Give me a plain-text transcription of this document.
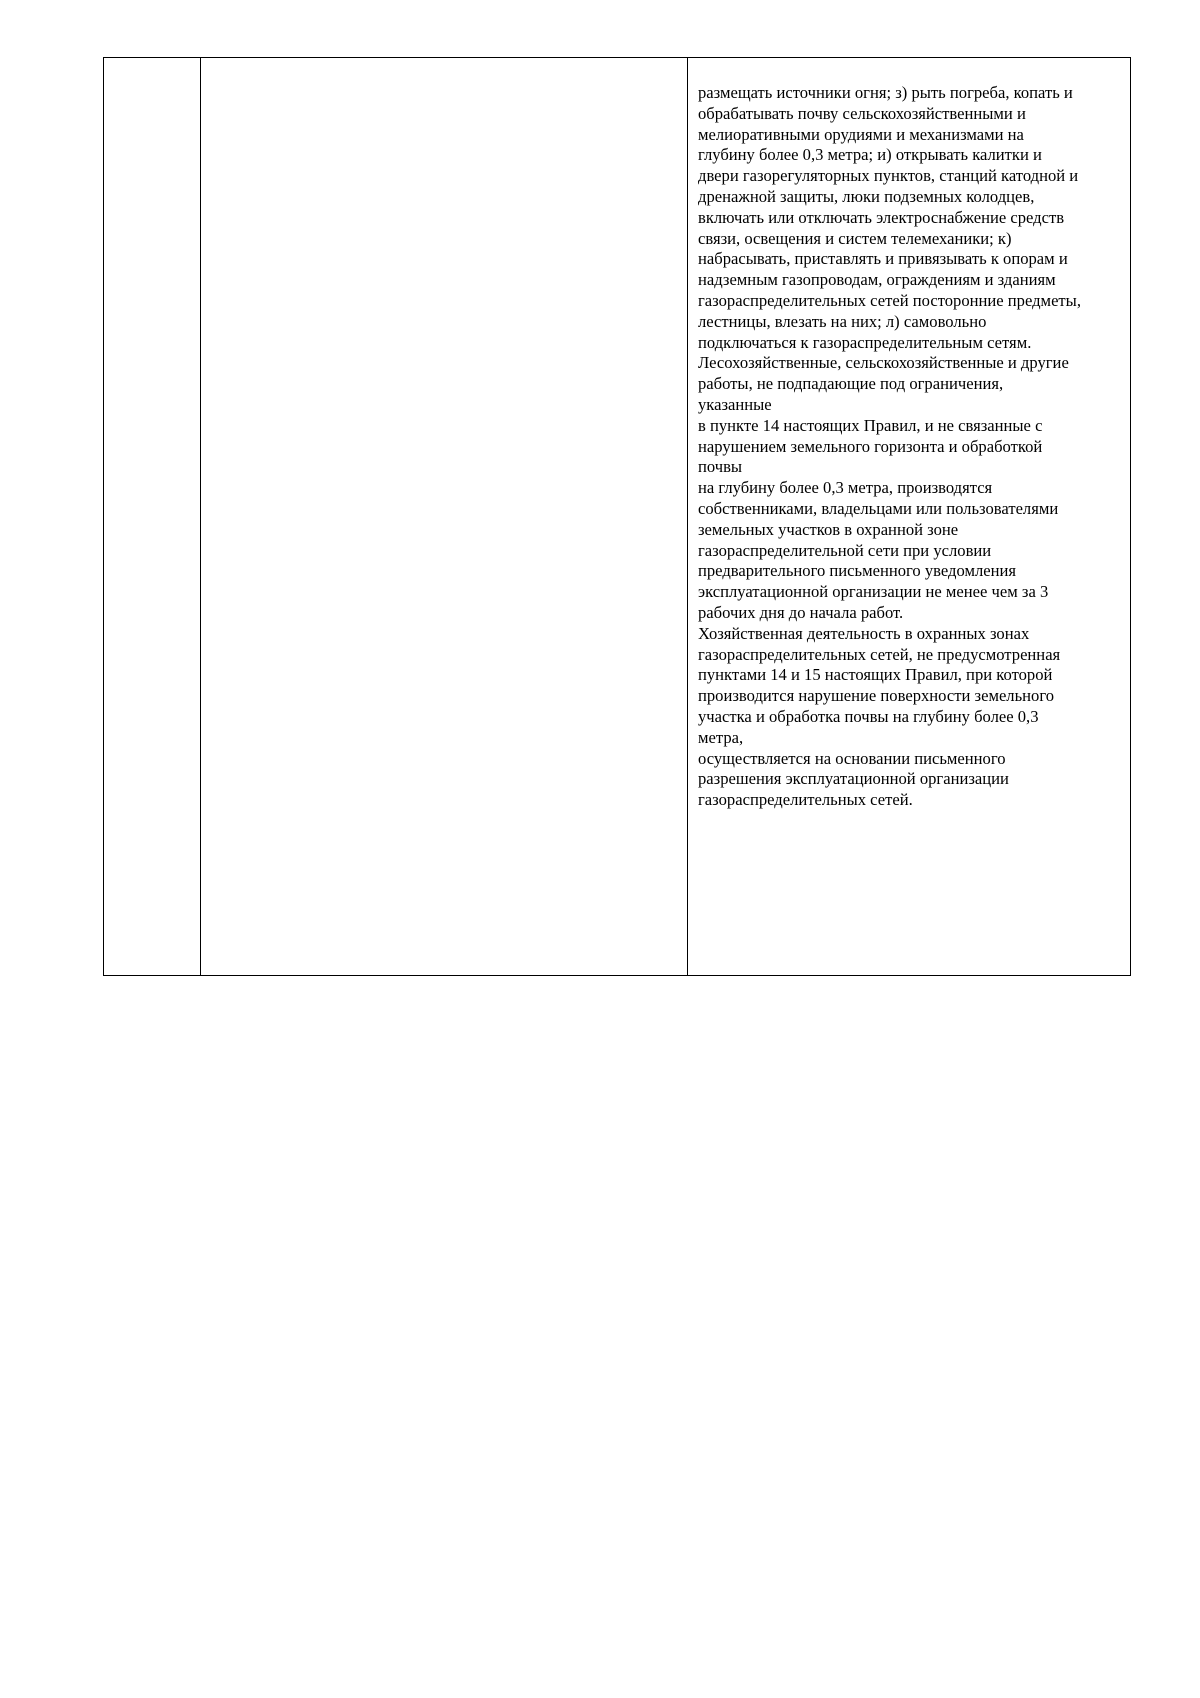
размещать источники огня; з) рыть погреба, копать и
обрабатывать почву сельскохозяйственными и
мелиоративными орудиями и механизмами на
глубину более 0,3 метра; и) открывать калитки и
двери газорегуляторных пунктов, станций катодной и
дренажной защиты, люки подземных колодцев,
включать или отключать электроснабжение средств
связи, освещения и систем телемеханики; к)
набрасывать, приставлять и привязывать к опорам и
надземным газопроводам, ограждениям и зданиям
газораспределительных сетей посторонние предметы,
лестницы, влезать на них; л) самовольно
подключаться к газораспределительным сетям.
Лесохозяйственные, сельскохозяйственные и другие
работы, не подпадающие под ограничения,
указанные
в пункте 14 настоящих Правил, и не связанные с
нарушением земельного горизонта и обработкой
почвы
на глубину более 0,3 метра, производятся
собственниками, владельцами или пользователями
земельных участков в охранной зоне
газораспределительной сети при условии
предварительного письменного уведомления
эксплуатационной организации не менее чем за 3
рабочих дня до начала работ.
Хозяйственная деятельность в охранных зонах
газораспределительных сетей, не предусмотренная
пунктами 14 и 15 настоящих Правил, при которой
производится нарушение поверхности земельного
участка и обработка почвы на глубину более 0,3
метра,
осуществляется на основании письменного
разрешения эксплуатационной организации
газораспределительных сетей.
